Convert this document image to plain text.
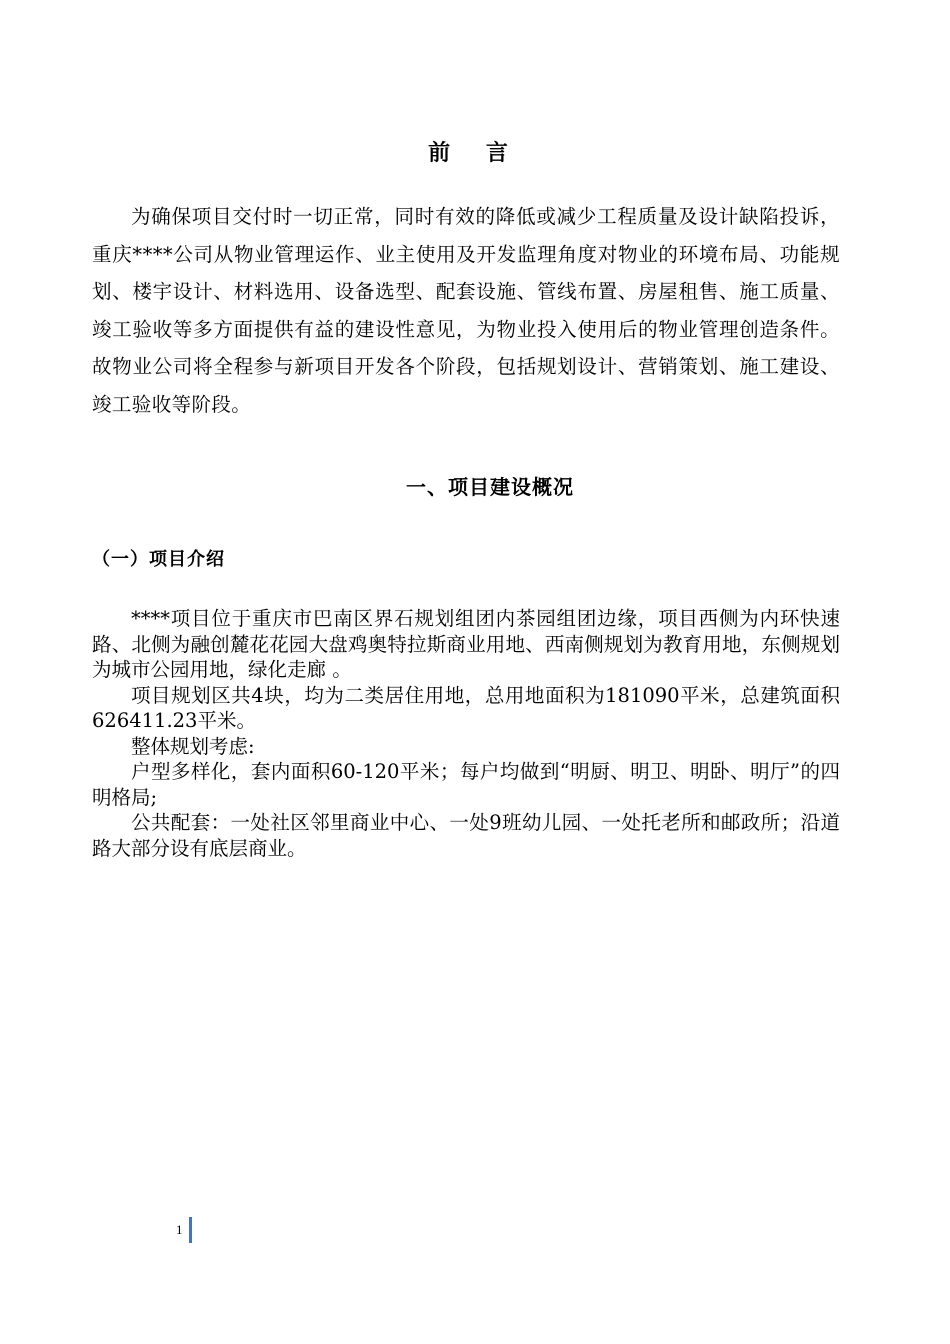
前 言
为确保项目交付时一切正常，同时有效的降低或减少工程质量及设计缺陷投诉，重庆****公司从物业管理运作、业主使用及开发监理角度对物业的环境布局、功能规划、楼宇设计、材料选用、设备选型、配套设施、管线布置、房屋租售、施工质量、竣工验收等多方面提供有益的建设性意见，为物业投入使用后的物业管理创造条件。故物业公司将全程参与新项目开发各个阶段，包括规划设计、营销策划、施工建设、竣工验收等阶段。
一、项目建设概况
（一）项目介绍

****项目位于重庆市巴南区界石规划组团内茶园组团边缘，项目西侧为内环快速路、北侧为融创麓花花园大盘鸡奥特拉斯商业用地、西南侧规划为教育用地，东侧规划为城市公园用地，绿化走廊 。

项目规划区共4块，均为二类居住用地，总用地面积为181090平米，总建筑面积626411.23平米。

整体规划考虑:

户型多样化，套内面积60-120平米；每户均做到“明厨、明卫、明卧、明厅”的四明格局;

公共配套：一处社区邻里商业中心、一处9班幼儿园、一处托老所和邮政所；沿道路大部分设有底层商业。

1
